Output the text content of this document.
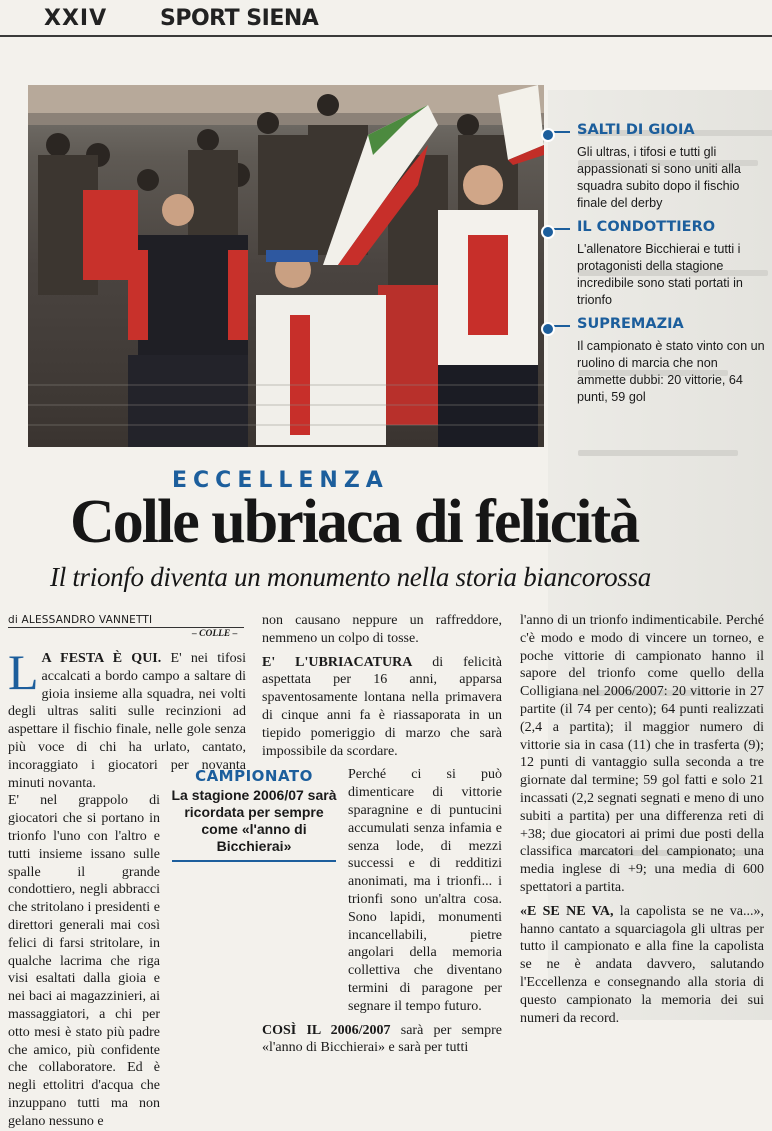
XXIV SPORT SIENA
SALTI DI GIOIA
Gli ultras, i tifosi e tutti gli appassionati si sono uniti alla squadra subito dopo il fischio finale del derby
IL CONDOTTIERO
L'allenatore Bicchierai e tutti i protagonisti della stagione incredibile sono stati portati in trionfo
SUPREMAZIA
Il campionato è stato vinto con un ruolino di marcia che non ammette dubbi: 20 vittorie, 64 punti, 59 gol
ECCELLENZA
Colle ubriaca di felicità
Il trionfo diventa un monumento nella storia biancorossa
di ALESSANDRO VANNETTI
– COLLE –

L A FESTA È QUI. E' nei tifosi accalcati a bordo campo a saltare di gioia insieme alla squadra, nei volti degli ultras saliti sulle recinzioni ad aspettare il fischio finale, nelle gole senza più voce di chi ha urlato, cantato, incoraggiato i giocatori per novanta minuti novanta.

E' nel grappolo di giocatori che si portano in trionfo l'uno con l'altro e tutti insieme issano sulle spalle il grande condottiero, negli abbracci che stritolano i presidenti e direttori generali mai così felici di farsi stritolare, in qualche lacrima che riga visi esaltati dalla gioia e nei baci ai magazzinieri, ai massaggiatori, a chi per otto mesi è stato più padre che amico, più confidente che collaboratore. Ed è negli ettolitri d'acqua che inzuppano tutti ma non gelano nessuno e

non causano neppure un raffreddore, nemmeno un colpo di tosse.

E' L'UBRIACATURA di felicità aspettata per 16 anni, apparsa spaventosamente lontana nella primavera di cinque anni fa è riassaporata in un tiepido pomeriggio di marzo che sarà impossibile da scordare.

Perché ci si può dimenticare di vittorie sparagnine e di puntucini accumulati senza infamia e senza lode, di mezzi successi e di redditizi anonimati, ma i trionfi... i trionfi sono un'altra cosa. Sono lapidi, monumenti incancellabili, pietre angolari della memoria collettiva che diventano termini di paragone per segnare il tempo futuro.

COSÌ IL 2006/2007 sarà per sempre «l'anno di Bicchierai» e sarà per tutti

CAMPIONATO
La stagione 2006/07 sarà ricordata per sempre come «l'anno di Bicchierai»

l'anno di un trionfo indimenticabile. Perché c'è modo e modo di vincere un torneo, e poche vittorie di campionato hanno il sapore del trionfo come quello della Colligiana nel 2006/2007: 20 vittorie in 27 partite (il 74 per cento); 64 punti realizzati (2,4 a partita); il maggior numero di vittorie sia in casa (11) che in trasferta (9); 12 punti di vantaggio sulla seconda a tre giornate dal termine; 59 gol fatti e solo 21 incassati (2,2 segnati segnati e meno di uno subiti a partita) per una differenza reti di +38; due giocatori ai primi due posti della classifica marcatori del campionato; una media inglese di +9; una media di 600 spettatori a partita.

«E SE NE VA, la capolista se ne va...», hanno cantato a squarciagola gli ultras per tutto il campionato e alla fine la capolista se ne è andata davvero, salutando l'Eccellenza e consegnando alla storia di questo campionato la memoria dei sui numeri da record.
